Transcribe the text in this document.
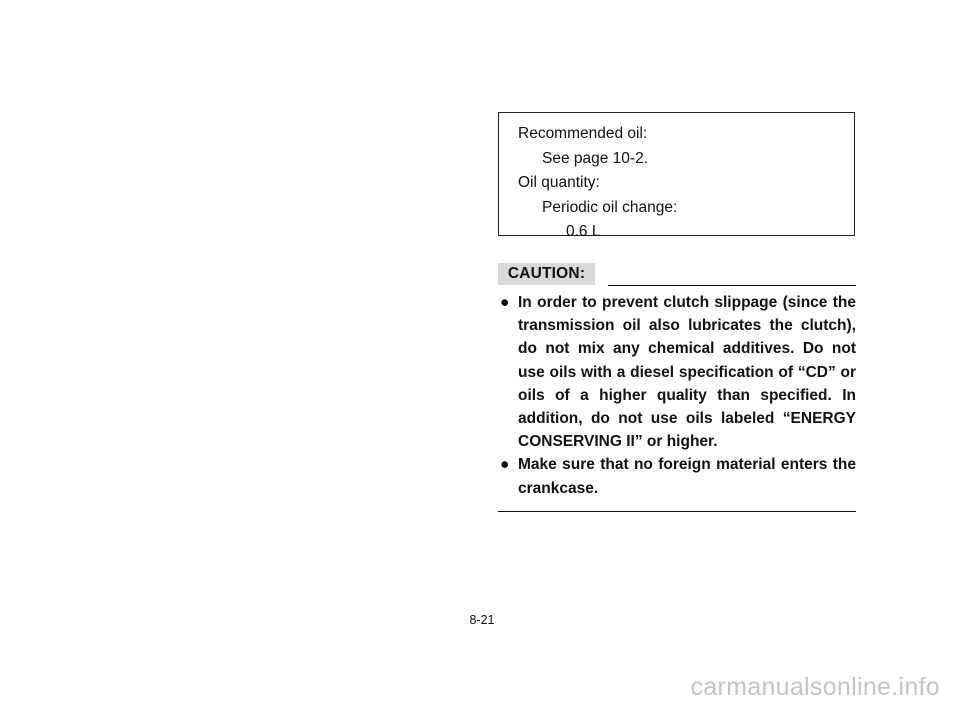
Recommended oil:
See page 10-2.
Oil quantity:
Periodic oil change:
0.6 L
CAUTION:
● In order to prevent clutch slippage (since the transmission oil also lubricates the clutch), do not mix any chemical additives. Do not use oils with a diesel specification of “CD” or oils of a higher quality than specified. In addition, do not use oils labeled “ENERGY CONSERVING II” or higher.
● Make sure that no foreign material enters the crankcase.
8-21
carmanualsonline.info
